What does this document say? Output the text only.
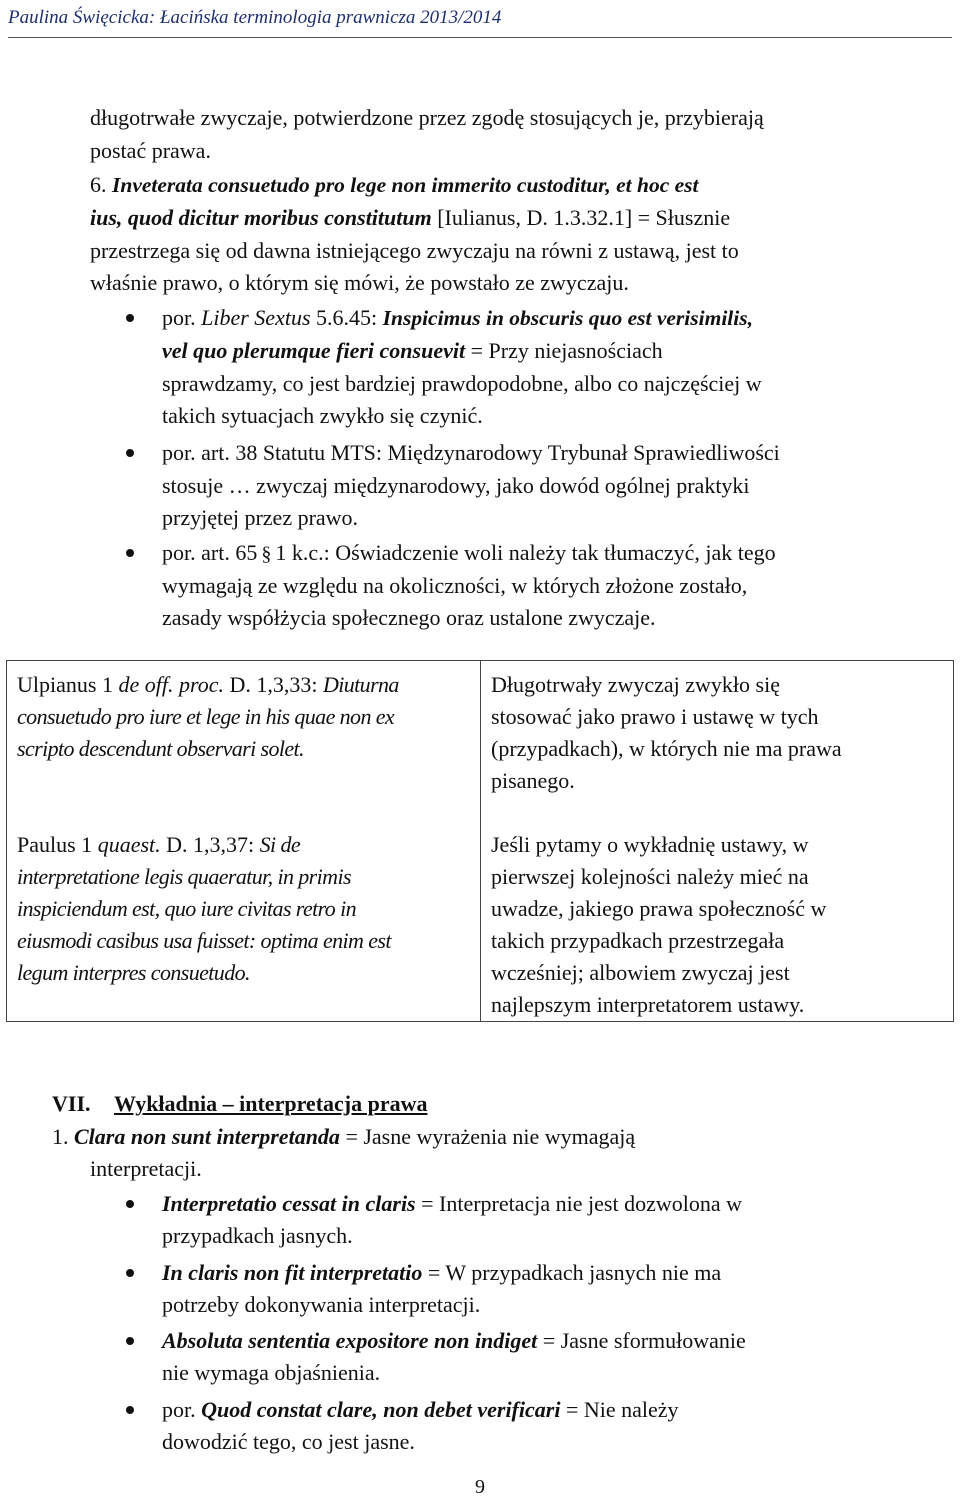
Paulina Święcicka: Łacińska terminologia prawnicza 2013/2014
długotrwałe zwyczaje, potwierdzone przez zgodę stosujących je, przybierają
postać prawa.
6. Inveterata consuetudo pro lege non immerito custoditur, et hoc est
ius, quod dicitur moribus constitutum [Iulianus, D. 1.3.32.1] = Słusznie
przestrzega się od dawna istniejącego zwyczaju na równi z ustawą, jest to
właśnie prawo, o którym się mówi, że powstało ze zwyczaju.
por. Liber Sextus 5.6.45: Inspicimus in obscuris quo est verisimilis,
vel quo plerumque fieri consuevit = Przy niejasnościach
sprawdzamy, co jest bardziej prawdopodobne, albo co najczęściej w
takich sytuacjach zwykło się czynić.
por. art. 38 Statutu MTS: Międzynarodowy Trybunał Sprawiedliwości
stosuje … zwyczaj międzynarodowy, jako dowód ogólnej praktyki
przyjętej przez prawo.
por. art. 65 § 1 k.c.: Oświadczenie woli należy tak tłumaczyć, jak tego
wymagają ze względu na okoliczności, w których złożone zostało,
zasady współżycia społecznego oraz ustalone zwyczaje.
Ulpianus 1 de off. proc. D. 1,3,33: Diuturna
consuetudo pro iure et lege in his quae non ex
scripto descendunt observari solet.
Paulus 1 quaest. D. 1,3,37: Si de
interpretatione legis quaeratur, in primis
inspiciendum est, quo iure civitas retro in
eiusmodi casibus usa fuisset: optima enim est
legum interpres consuetudo.
Długotrwały zwyczaj zwykło się
stosować jako prawo i ustawę w tych
(przypadkach), w których nie ma prawa
pisanego.
Jeśli pytamy o wykładnię ustawy, w
pierwszej kolejności należy mieć na
uwadze, jakiego prawa społeczność w
takich przypadkach przestrzegała
wcześniej; albowiem zwyczaj jest
najlepszym interpretatorem ustawy.
VII. Wykładnia – interpretacja prawa
1. Clara non sunt interpretanda = Jasne wyrażenia nie wymagają
interpretacji.
Interpretatio cessat in claris = Interpretacja nie jest dozwolona w
przypadkach jasnych.
In claris non fit interpretatio = W przypadkach jasnych nie ma
potrzeby dokonywania interpretacji.
Absoluta sententia expositore non indiget = Jasne sformułowanie
nie wymaga objaśnienia.
por. Quod constat clare, non debet verificari = Nie należy
dowodzić tego, co jest jasne.
9
